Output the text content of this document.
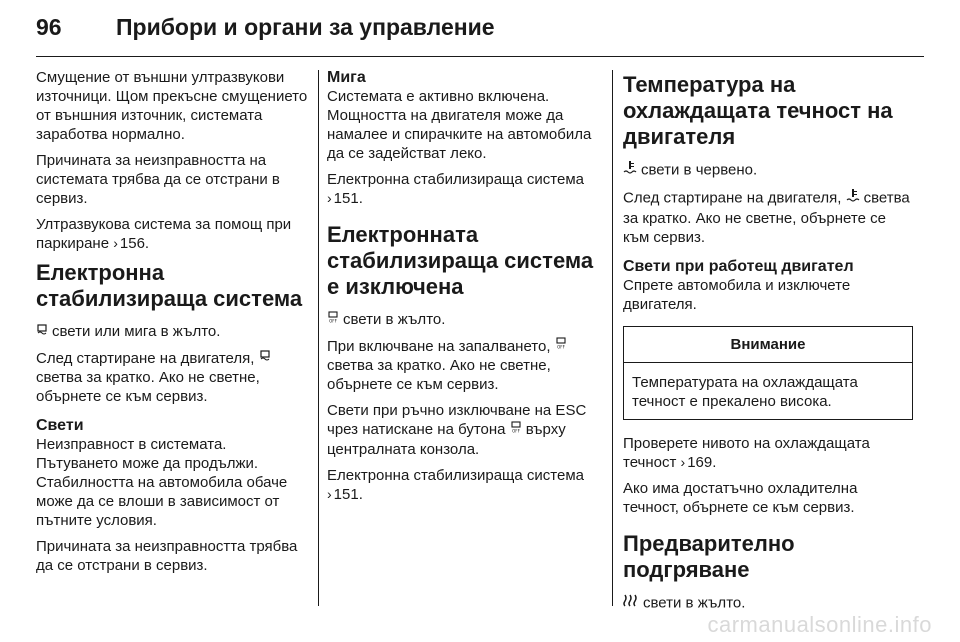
96	Прибори и органи за управление

Смущение от външни ултразвукови източници. Щом прекъсне смущението от външния източник, системата заработва нормално.

Причината за неизправността на системата трябва да се отстрани в сервиз.

Ултразвукова система за помощ при паркиране › 156.

Електронна стабилизираща система

свети или мига в жълто.

След стартиране на двигателя, светва за кратко. Ако не светне, обърнете се към сервиз.

Свети

Неизправност в системата. Пътуването може да продължи. Стабилността на автомобила обаче може да се влоши в зависимост от пътните условия.

Причината за неизправността трябва да се отстрани в сервиз.

Мига

Системата е активно включена. Мощността на двигателя може да намалее и спирачките на автомобила да се задействат леко.

Електронна стабилизираща система › 151.

Електронната стабилизираща система е изключена

OFF свети в жълто.

При включване на запалването, OFF
светва за кратко. Ако не светне, обърнете се към сервиз.

Свети при ръчно изключване на ESC чрез натискане на бутона OFF върху централната конзола.

Електронна стабилизираща система › 151.

Температура на охлаждащата течност на двигателя

свети в червено.

След стартиране на двигателя, светва за кратко. Ако не светне, обърнете се към сервиз.

Свети при работещ двигател

Спрете автомобила и изключете двигателя.

Внимание
Температурата на охлаждащата течност е прекалено висока.

Проверете нивото на охлаждащата течност › 169.

Ако има достатъчно охладителна течност, обърнете се към сервиз.

Предварително подгряване

свети в жълто.

carmanualsonline.info
